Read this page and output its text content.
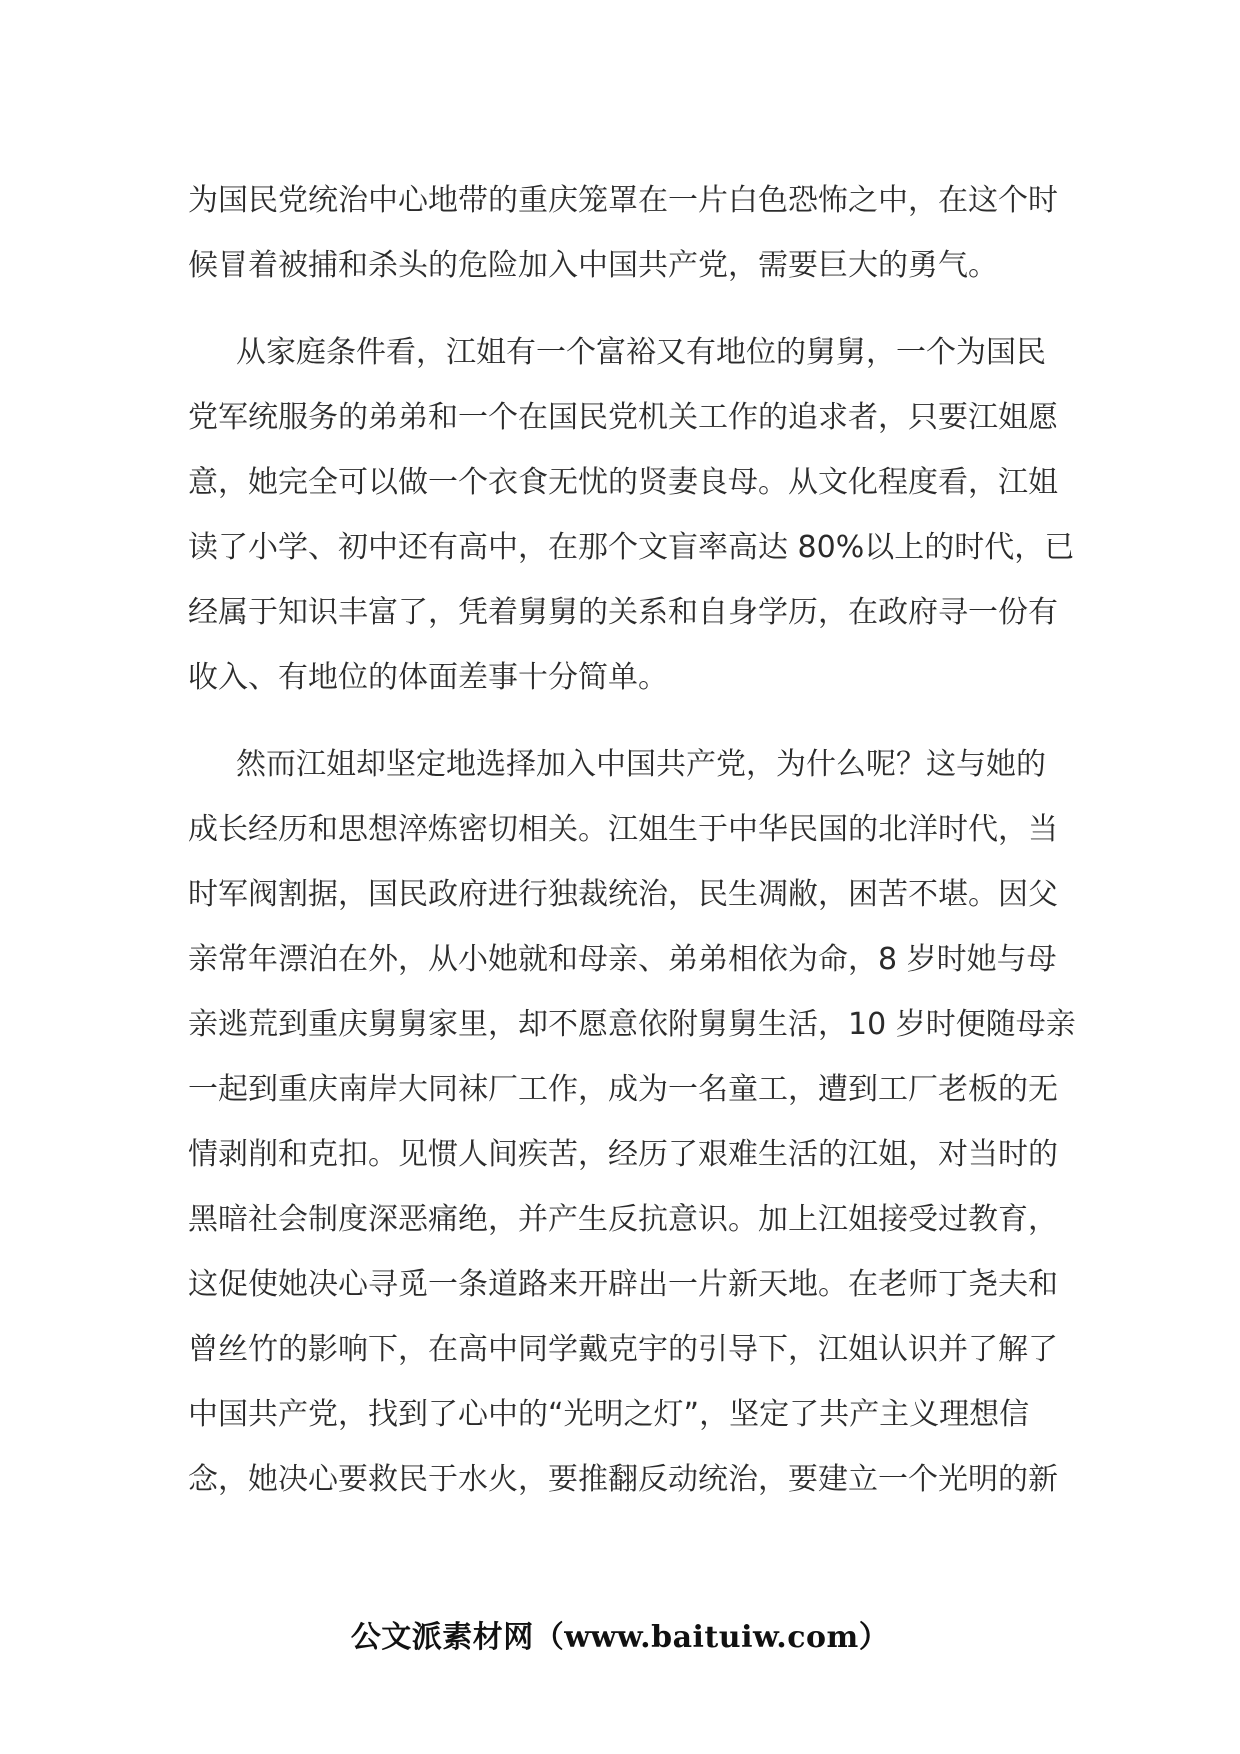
为国民党统治中心地带的重庆笼罩在一片白色恐怖之中，在这个时
候冒着被捕和杀头的危险加入中国共产党，需要巨大的勇气。

从家庭条件看，江姐有一个富裕又有地位的舅舅，一个为国民
党军统服务的弟弟和一个在国民党机关工作的追求者，只要江姐愿
意，她完全可以做一个衣食无忧的贤妻良母。从文化程度看，江姐
读了小学、初中还有高中，在那个文盲率高达 80%以上的时代，已
经属于知识丰富了，凭着舅舅的关系和自身学历，在政府寻一份有
收入、有地位的体面差事十分简单。

然而江姐却坚定地选择加入中国共产党，为什么呢？这与她的
成长经历和思想淬炼密切相关。江姐生于中华民国的北洋时代，当
时军阀割据，国民政府进行独裁统治，民生凋敝，困苦不堪。因父
亲常年漂泊在外，从小她就和母亲、弟弟相依为命，8 岁时她与母
亲逃荒到重庆舅舅家里，却不愿意依附舅舅生活，10 岁时便随母亲
一起到重庆南岸大同袜厂工作，成为一名童工，遭到工厂老板的无
情剥削和克扣。见惯人间疾苦，经历了艰难生活的江姐，对当时的
黑暗社会制度深恶痛绝，并产生反抗意识。加上江姐接受过教育，
这促使她决心寻觅一条道路来开辟出一片新天地。在老师丁尧夫和
曾丝竹的影响下，在高中同学戴克宇的引导下，江姐认识并了解了
中国共产党，找到了心中的“光明之灯”，坚定了共产主义理想信
念，她决心要救民于水火，要推翻反动统治，要建立一个光明的新

公文派素材网（www.baituiw.com）
